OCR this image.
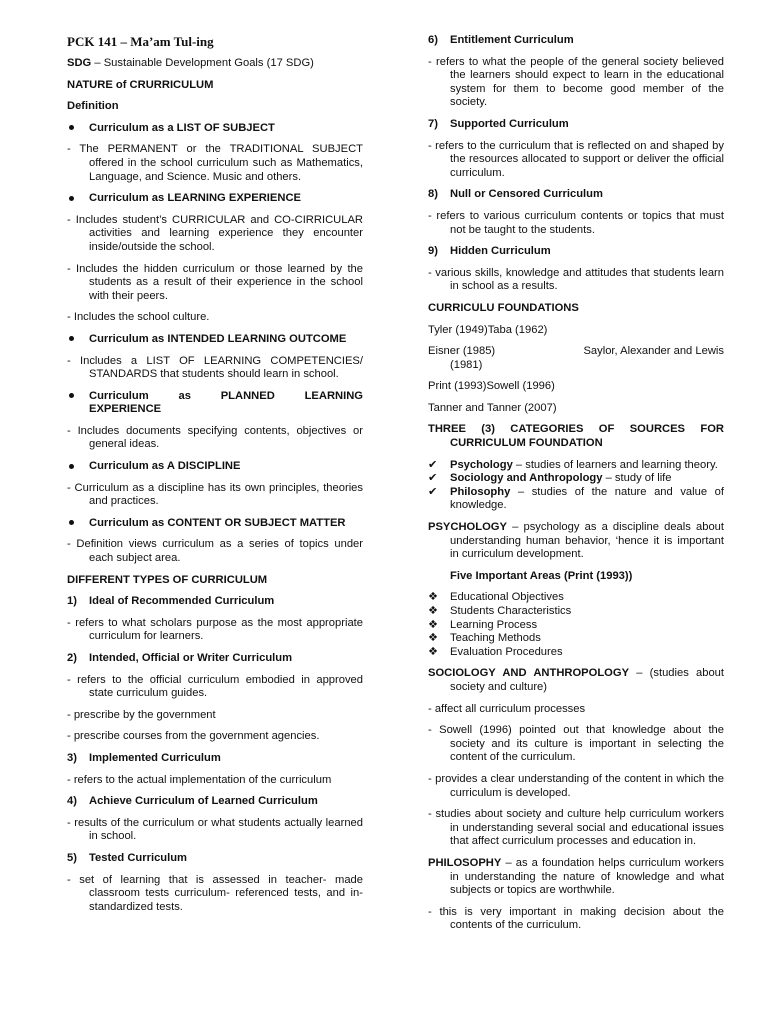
PCK 141 – Ma’am Tul-ing

SDG – Sustainable Development Goals (17 SDG)

NATURE of CRURRICULUM

Definition

Curriculum as a LIST OF SUBJECT

- The PERMANENT or the TRADITIONAL SUBJECT offered in the school curriculum such as Mathematics, Language, and Science. Music and others.

Curriculum as LEARNING EXPERIENCE

- Includes student’s CURRICULAR and CO-CIRRICULAR activities and learning experience they encounter inside/outside the school.

- Includes the hidden curriculum or those learned by the students as a result of their experience in the school with their peers.

- Includes the school culture.

Curriculum as INTENDED LEARNING OUTCOME

- Includes a LIST OF LEARNING COMPETENCIES/ STANDARDS that students should learn in school.

Curriculum	as	PLANNED	LEARNING
EXPERIENCE

- Includes documents specifying contents, objectives or general ideas.

Curriculum as A DISCIPLINE

- Curriculum as a discipline has its own principles, theories and practices.

Curriculum as CONTENT OR SUBJECT MATTER

- Definition views curriculum as a series of topics under each subject area.

DIFFERENT TYPES OF CURRICULUM

1) Ideal of Recommended Curriculum

- refers to what scholars purpose as the most appropriate curriculum for learners.

2) Intended, Official or Writer Curriculum

- refers to the official curriculum embodied in approved state curriculum guides.

- prescribe by the government

- prescribe courses from the government agencies.

3) Implemented Curriculum

- refers to the actual implementation of the curriculum

4) Achieve Curriculum of Learned Curriculum

- results of the curriculum or what students actually learned in school.

5) Tested Curriculum

- set of learning that is assessed in teacher- made classroom tests curriculum- referenced tests, and in-standardized tests.

6) Entitlement Curriculum

- refers to what the people of the general society believed the learners should expect to learn in the educational system for them to become good member of the society.

7) Supported Curriculum

- refers to the curriculum that is reflected on and shaped by the resources allocated to support or deliver the official curriculum.

8) Null or Censored Curriculum

- refers to various curriculum contents or topics that must not be taught to the students.

9) Hidden Curriculum

- various skills, knowledge and attitudes that students learn in school as a results.

CURRICULU FOUNDATIONS

Tyler (1949)Taba (1962)

Eisner (1985)	Saylor, Alexander and Lewis
(1981)

Print (1993)Sowell (1996)

Tanner and Tanner (2007)

THREE (3) CATEGORIES OF SOURCES FOR CURRICULUM FOUNDATION

✔	Psychology – studies of learners and learning theory.
✔	Sociology and Anthropology – study of life
✔	Philosophy – studies of the nature and value of knowledge.

PSYCHOLOGY – psychology as a discipline deals about understanding human behavior, ‘hence it is important in curriculum development.

Five Important Areas (Print (1993))

❖	Educational Objectives
❖	Students Characteristics
❖	Learning Process
❖	Teaching Methods
❖	Evaluation Procedures

SOCIOLOGY AND ANTHROPOLOGY – (studies about society and culture)

- affect all curriculum processes

- Sowell (1996) pointed out that knowledge about the society and its culture is important in selecting the content of the curriculum.

- provides a clear understanding of the content in which the curriculum is developed.

- studies about society and culture help curriculum workers in understanding several social and educational issues that affect curriculum processes and education in.

PHILOSOPHY – as a foundation helps curriculum workers in understanding the nature of knowledge and what subjects or topics are worthwhile.

- this is very important in making decision about the contents of the curriculum.
